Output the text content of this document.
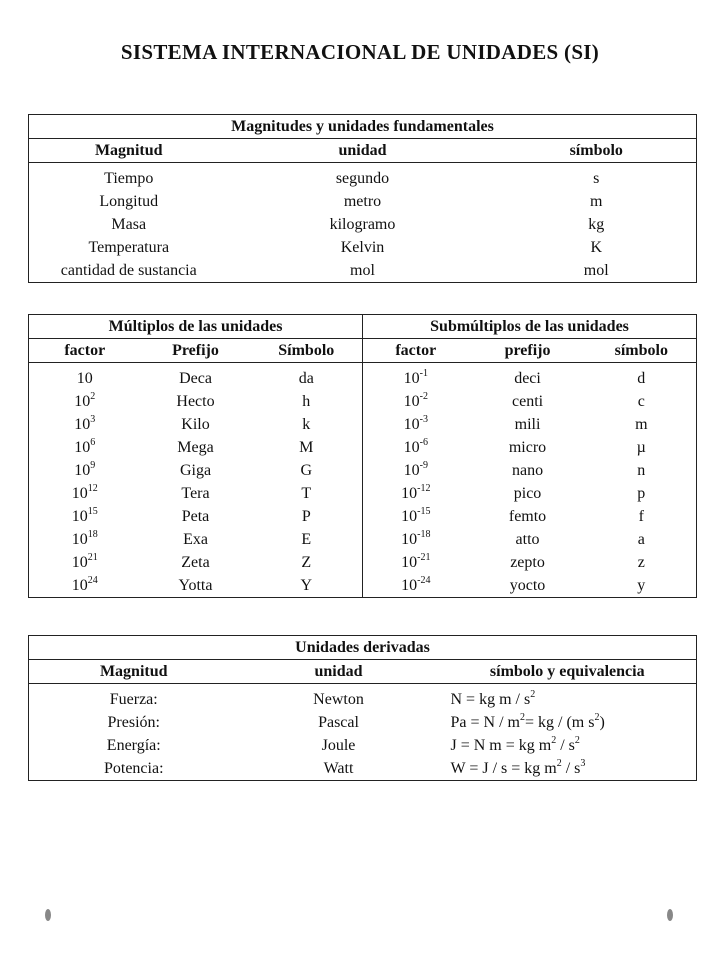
SISTEMA INTERNACIONAL DE UNIDADES (SI)
Magnitudes y unidades fundamentales		
Magnitud	unidad	símbolo
Tiempo	segundo	s
Longitud	metro	m
Masa	kilogramo	kg
Temperatura	Kelvin	K
cantidad de sustancia	mol	mol
Múltiplos de las unidades			Submúltiplos de las unidades		
factor	Prefijo	Símbolo	factor	prefijo	símbolo
10	Deca	da	$10^{-1}$	deci	d
$10^2$	Hecto	h	$10^{-2}$	centi	c
$10^3$	Kilo	k	$10^{-3}$	mili	m
$10^6$	Mega	M	$10^{-6}$	micro	µ
$10^9$	Giga	G	$10^{-9}$	nano	n
$10^{12}$	Tera	T	$10^{-12}$	pico	p
$10^{15}$	Peta	P	$10^{-15}$	femto	f
$10^{18}$	Exa	E	$10^{-18}$	atto	a
$10^{21}$	Zeta	Z	$10^{-21}$	zepto	z
$10^{24}$	Yotta	Y	$10^{-24}$	yocto	y
Unidades derivadas		
Magnitud	unidad	símbolo y equivalencia
Fuerza:	Newton	N = kg m / $s^2$
Presión:	Pascal	$Pa = N / m^2=$ kg / (m $s^2$)
Energía:	Joule	J = N m = kg $m^2 / s^2$
Potencia:	Watt	W = J / s = kg $m^2 / s^3$
